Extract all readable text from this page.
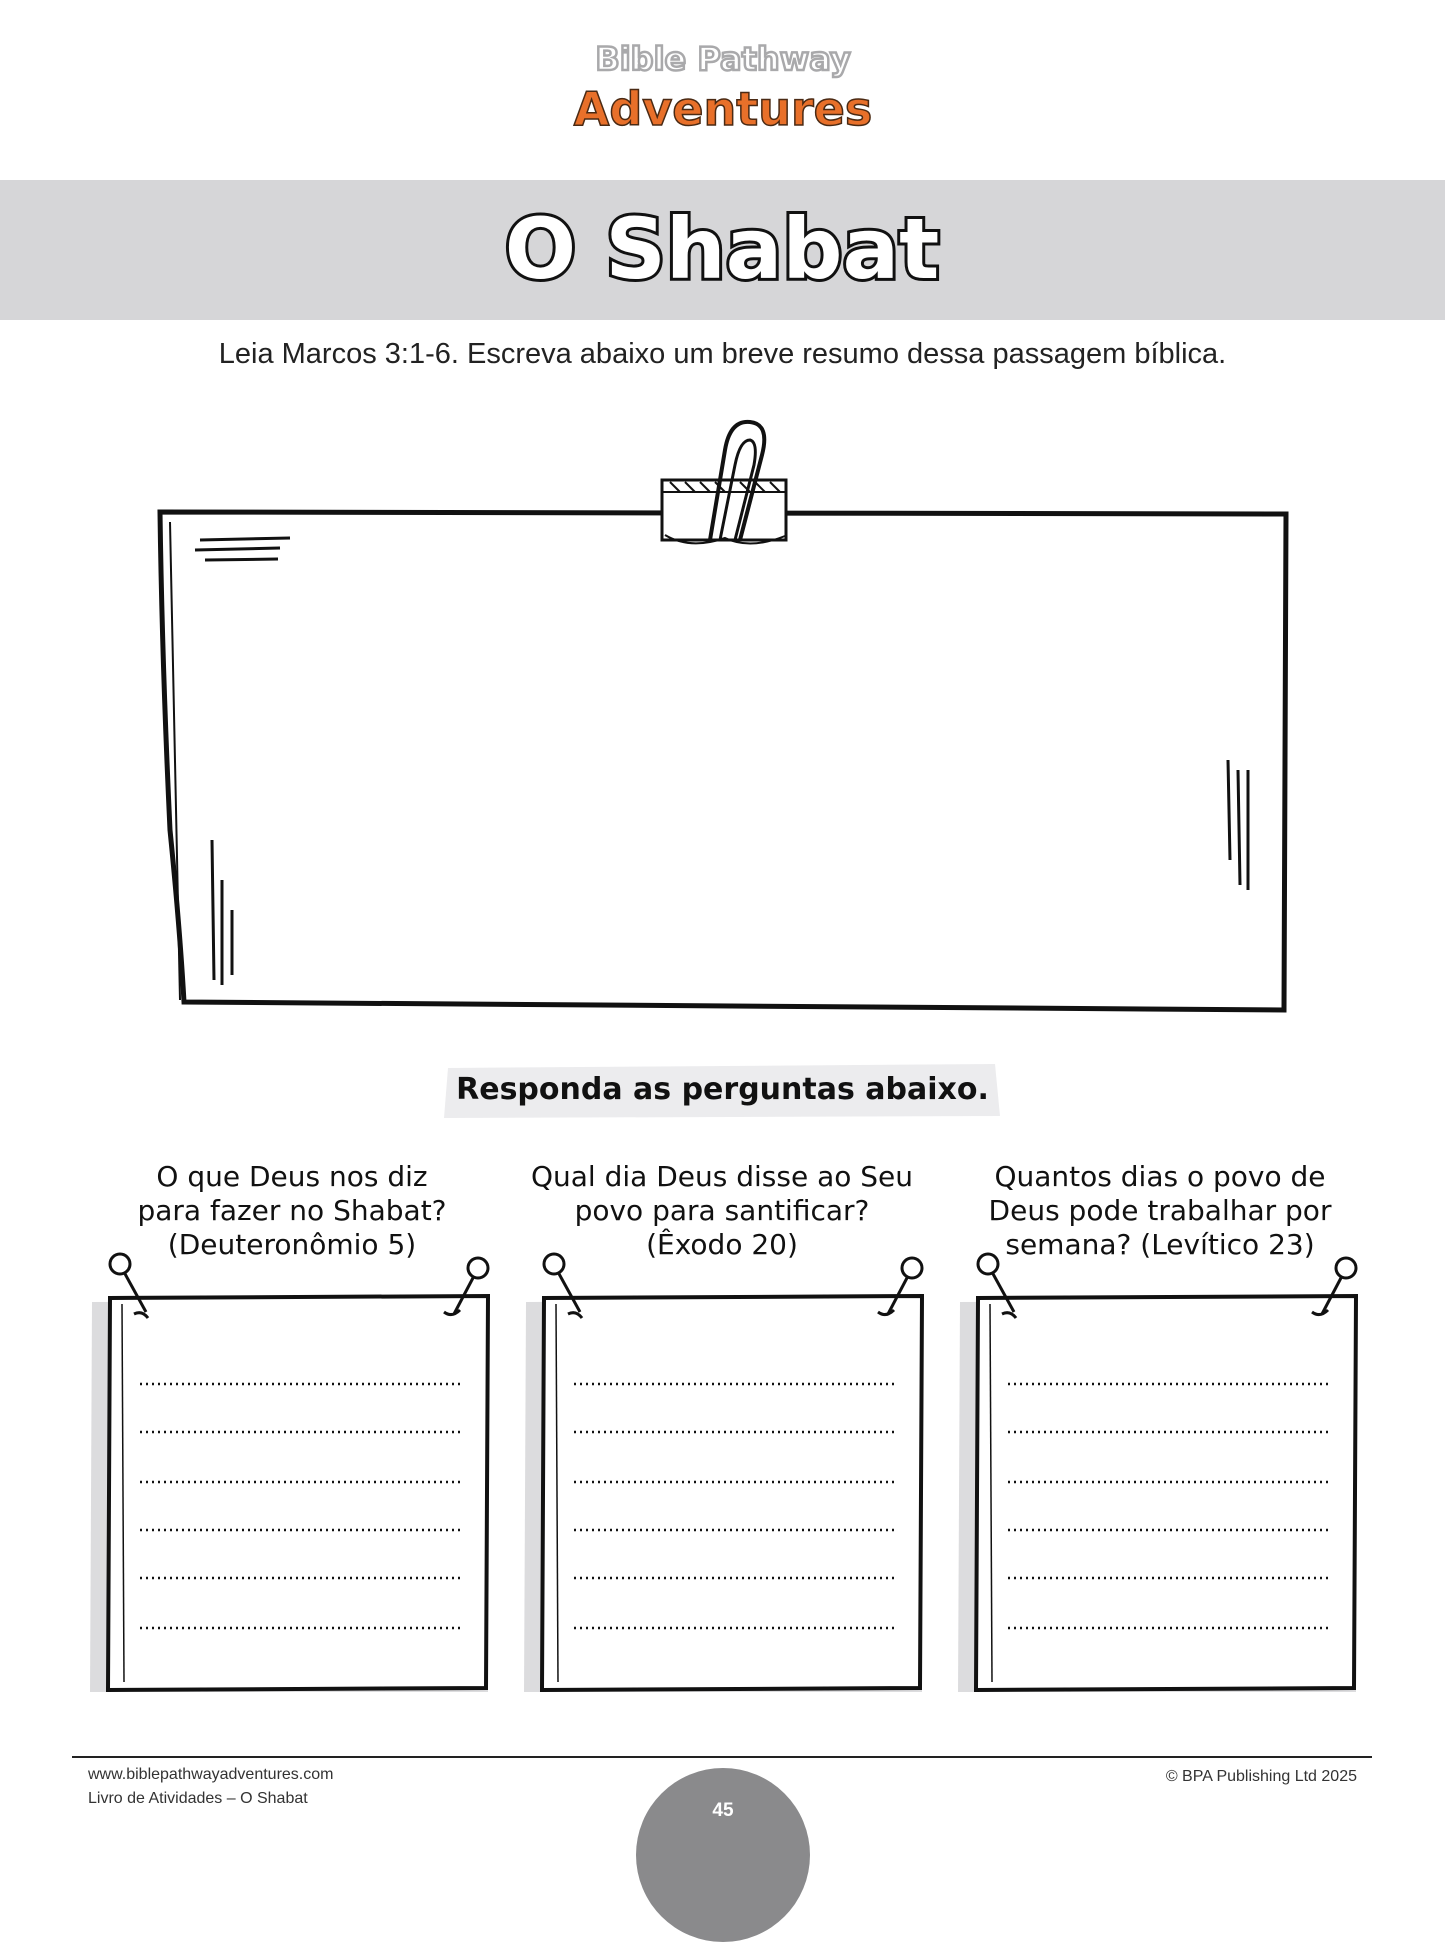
Bible Pathway
Adventures
O Shabat
Leia Marcos 3:1-6. Escreva abaixo um breve resumo dessa passagem bíblica.
Responda as perguntas abaixo.
O que Deus nos diz
para fazer no Shabat?
(Deuteronômio 5)
Qual dia Deus disse ao Seu
povo para santificar?
(Êxodo 20)
Quantos dias o povo de
Deus pode trabalhar por
semana? (Levítico 23)
www.biblepathwayadventures.com
Livro de Atividades – O Shabat
© BPA Publishing Ltd 2025
45
